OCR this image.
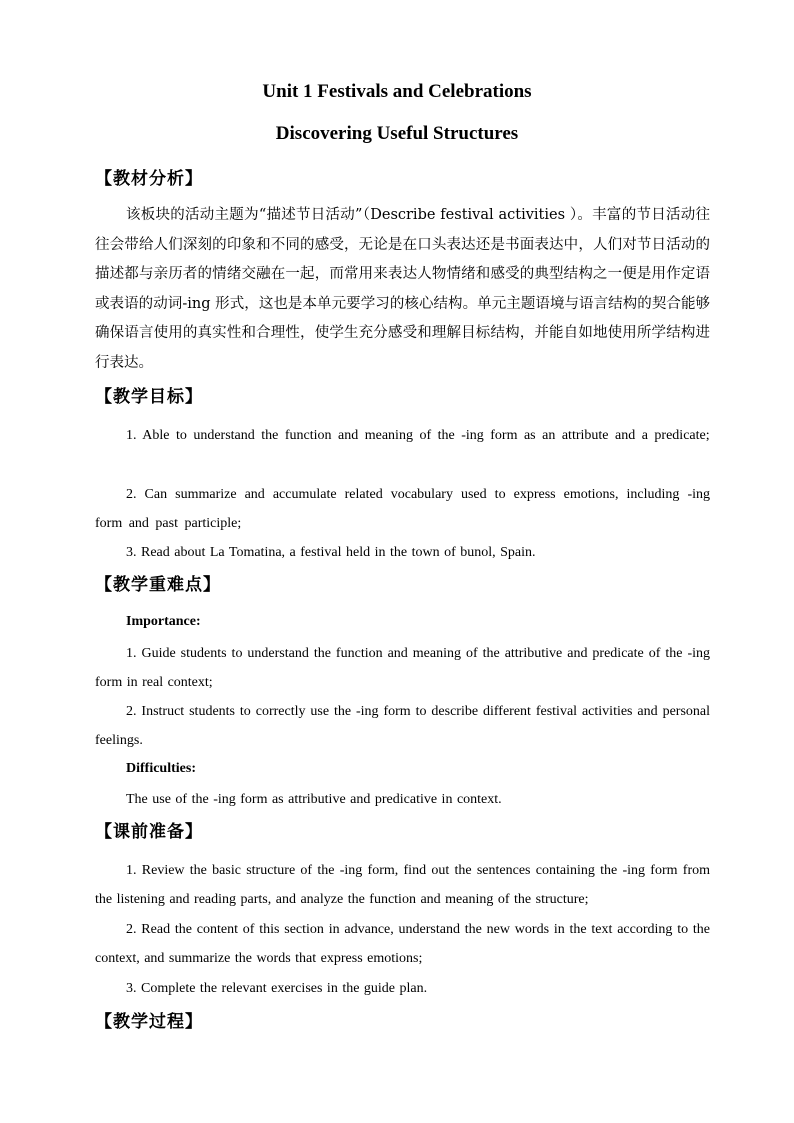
Unit 1 Festivals and Celebrations
Discovering Useful Structures
【教材分析】

该板块的活动主题为“描述节日活动”（Describe festival activities ）。丰富的节日活动往往会带给人们深刻的印象和不同的感受，无论是在口头表达还是书面表达中，人们对节日活动的描述都与亲历者的情绪交融在一起，而常用来表达人物情绪和感受的典型结构之一便是用作定语或表语的动词-ing 形式，这也是本单元要学习的核心结构。单元主题语境与语言结构的契合能够确保语言使用的真实性和合理性，使学生充分感受和理解目标结构，并能自如地使用所学结构进行表达。

【教学目标】

1. Able to understand the function and meaning of the -ing form as an attribute and a predicate;

2. Can summarize and accumulate related vocabulary used to express emotions, including -ing form and past participle;

3. Read about La Tomatina, a festival held in the town of bunol, Spain.

【教学重难点】
Importance:

1. Guide students to understand the function and meaning of the attributive and predicate of the -ing form in real context;

2. Instruct students to correctly use the -ing form to describe different festival activities and personal feelings.

Difficulties:

The use of the -ing form as attributive and predicative in context.

【课前准备】

1. Review the basic structure of the -ing form, find out the sentences containing the -ing form from the listening and reading parts, and analyze the function and meaning of the structure;

2. Read the content of this section in advance, understand the new words in the text according to the context, and summarize the words that express emotions;

3. Complete the relevant exercises in the guide plan.

【教学过程】
